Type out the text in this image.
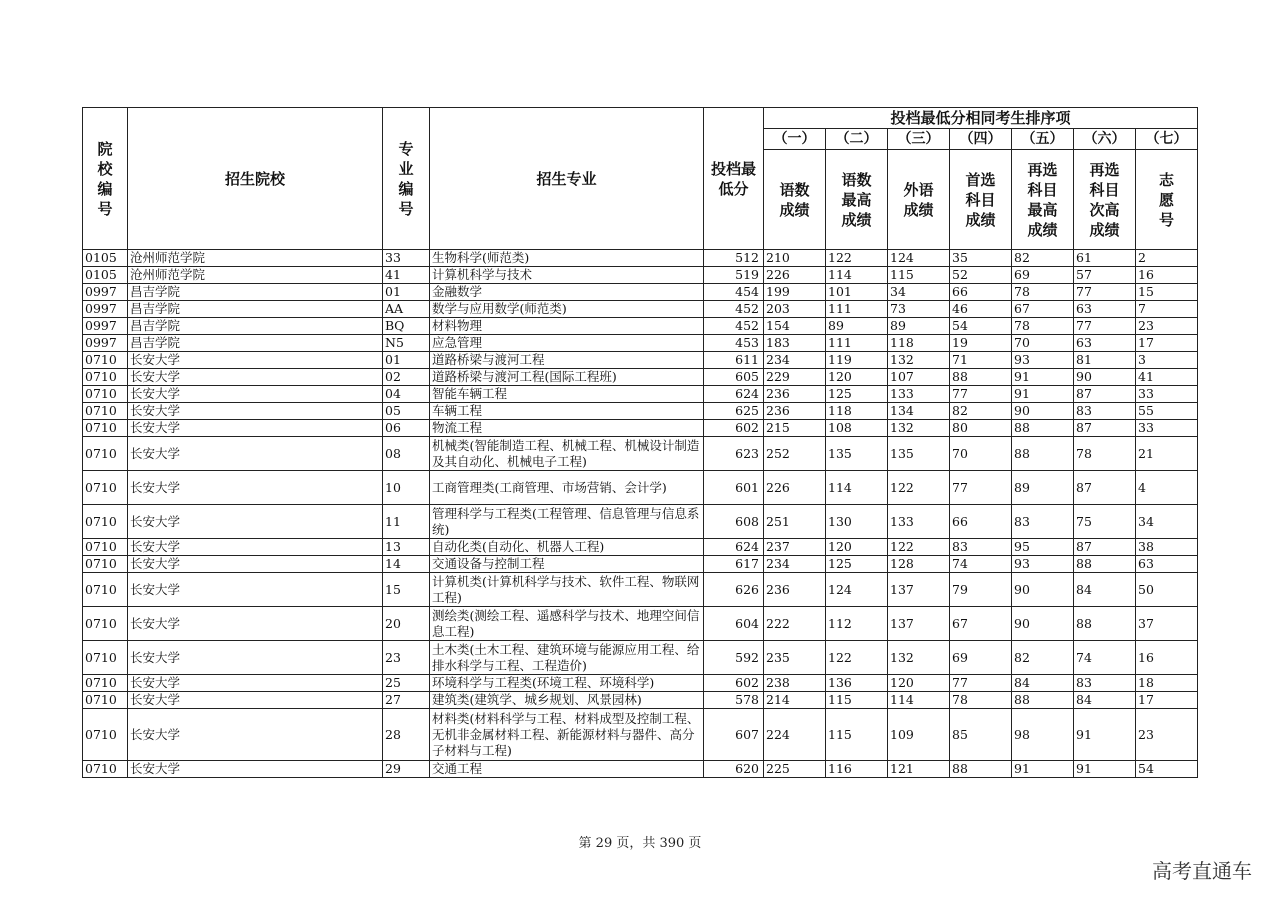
院校编号	招生院校	专业编号	招生专业	投档最低分	投档最低分相同考生排序项						
					（一）	（二）	（三）	（四）	（五）	（六）	（七）
					语数成绩	语数最高成绩	外语成绩	首选科目成绩	再选科目最高成绩	再选科目次高成绩	志愿号
0105	沧州师范学院	33	生物科学(师范类)	512	210	122	124	35	82	61	2
0105	沧州师范学院	41	计算机科学与技术	519	226	114	115	52	69	57	16
0997	昌吉学院	01	金融数学	454	199	101	34	66	78	77	15
0997	昌吉学院	AA	数学与应用数学(师范类)	452	203	111	73	46	67	63	7
0997	昌吉学院	BQ	材料物理	452	154	89	89	54	78	77	23
0997	昌吉学院	N5	应急管理	453	183	111	118	19	70	63	17
0710	长安大学	01	道路桥梁与渡河工程	611	234	119	132	71	93	81	3
0710	长安大学	02	道路桥梁与渡河工程(国际工程班)	605	229	120	107	88	91	90	41
0710	长安大学	04	智能车辆工程	624	236	125	133	77	91	87	33
0710	长安大学	05	车辆工程	625	236	118	134	82	90	83	55
0710	长安大学	06	物流工程	602	215	108	132	80	88	87	33
0710	长安大学	08	机械类(智能制造工程、机械工程、机械设计制造及其自动化、机械电子工程)	623	252	135	135	70	88	78	21
0710	长安大学	10	工商管理类(工商管理、市场营销、会计学)	601	226	114	122	77	89	87	4
0710	长安大学	11	管理科学与工程类(工程管理、信息管理与信息系统)	608	251	130	133	66	83	75	34
0710	长安大学	13	自动化类(自动化、机器人工程)	624	237	120	122	83	95	87	38
0710	长安大学	14	交通设备与控制工程	617	234	125	128	74	93	88	63
0710	长安大学	15	计算机类(计算机科学与技术、软件工程、物联网工程)	626	236	124	137	79	90	84	50
0710	长安大学	20	测绘类(测绘工程、遥感科学与技术、地理空间信息工程)	604	222	112	137	67	90	88	37
0710	长安大学	23	土木类(土木工程、建筑环境与能源应用工程、给排水科学与工程、工程造价)	592	235	122	132	69	82	74	16
0710	长安大学	25	环境科学与工程类(环境工程、环境科学)	602	238	136	120	77	84	83	18
0710	长安大学	27	建筑类(建筑学、城乡规划、风景园林)	578	214	115	114	78	88	84	17
0710	长安大学	28	材料类(材料科学与工程、材料成型及控制工程、无机非金属材料工程、新能源材料与器件、高分子材料与工程)	607	224	115	109	85	98	91	23
0710	长安大学	29	交通工程	620	225	116	121	88	91	91	54
第 29 页，共 390 页
高考直通车
